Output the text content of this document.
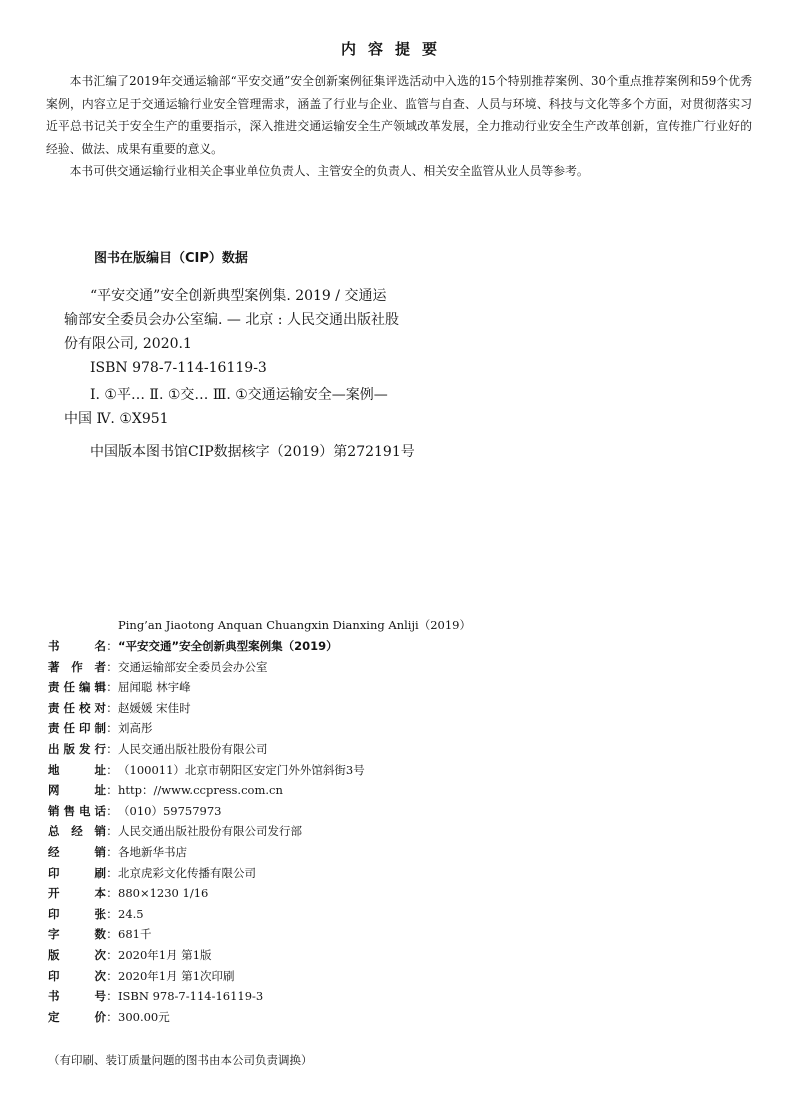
内容提要

本书汇编了2019年交通运输部“平安交通”安全创新案例征集评选活动中入选的15个特别推荐案例、30个重点推荐案例和59个优秀案例，内容立足于交通运输行业安全管理需求，涵盖了行业与企业、监管与自查、人员与环境、科技与文化等多个方面，对贯彻落实习近平总书记关于安全生产的重要指示，深入推进交通运输安全生产领域改革发展，全力推动行业安全生产改革创新，宣传推广行业好的经验、做法、成果有重要的意义。

本书可供交通运输行业相关企事业单位负责人、主管安全的负责人、相关安全监管从业人员等参考。

图书在版编目（CIP）数据
“平安交通”安全创新典型案例集. 2019 / 交通运
输部安全委员会办公室编. — 北京 : 人民交通出版社股
份有限公司, 2020.1
ISBN 978-7-114-16119-3
Ⅰ. ①平… Ⅱ. ①交… Ⅲ. ①交通运输安全—案例—
中国 Ⅳ. ①X951
中国版本图书馆CIP数据核字（2019）第272191号
Ping’an Jiaotong Anquan Chuangxin Dianxing Anliji（2019）
书	名 ： “平安交通”安全创新典型案例集（2019）
著 作 者 ： 交通运输部安全委员会办公室
责 任 编 辑 ： 屈闻聪 林宇峰
责 任 校 对 ： 赵媛媛 宋佳时
责 任 印 制 ： 刘高彤
出 版 发 行 ： 人民交通出版社股份有限公司
地	址 ： （100011）北京市朝阳区安定门外外馆斜街3号
网	址 ： http：//www.ccpress.com.cn
销 售 电 话 ： （010）59757973
总 经 销 ： 人民交通出版社股份有限公司发行部
经	销 ： 各地新华书店
印	刷 ： 北京虎彩文化传播有限公司
开	本 ： 880×1230 1/16
印	张 ： 24.5
字	数 ： 681千
版	次 ： 2020年1月 第1版
印	次 ： 2020年1月 第1次印刷
书	号 ： ISBN 978-7-114-16119-3
定	价 ： 300.00元
（有印刷、装订质量问题的图书由本公司负责调换）
